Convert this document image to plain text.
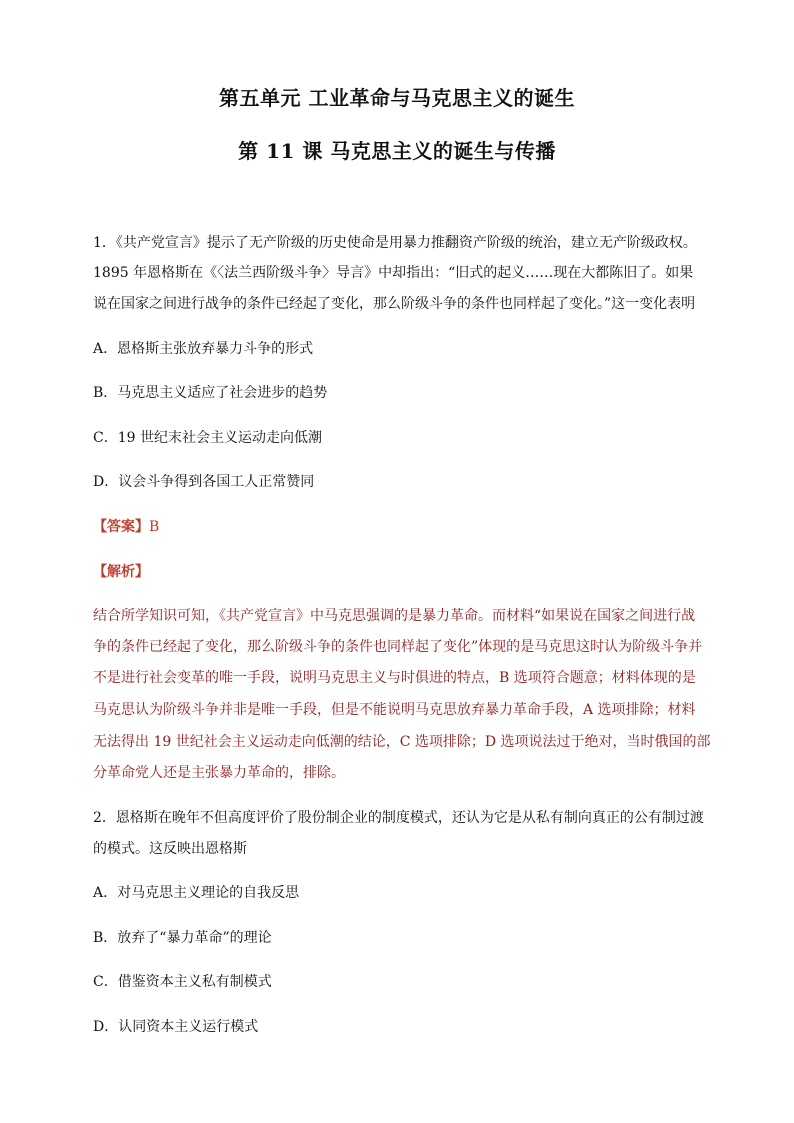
第五单元 工业革命与马克思主义的诞生
第 11 课 马克思主义的诞生与传播
1．《共产党宣言》提示了无产阶级的历史使命是用暴力推翻资产阶级的统治，建立无产阶级政权。
1895 年恩格斯在《〈法兰西阶级斗争〉导言》中却指出：“旧式的起义……现在大都陈旧了。如果
说在国家之间进行战争的条件已经起了变化，那么阶级斗争的条件也同样起了变化。”这一变化表明
A．恩格斯主张放弃暴力斗争的形式
B．马克思主义适应了社会进步的趋势
C．19 世纪末社会主义运动走向低潮
D．议会斗争得到各国工人正常赞同
【答案】B
【解析】
结合所学知识可知，《共产党宣言》中马克思强调的是暴力革命。而材料“如果说在国家之间进行战
争的条件已经起了变化，那么阶级斗争的条件也同样起了变化”体现的是马克思这时认为阶级斗争并
不是进行社会变革的唯一手段，说明马克思主义与时俱进的特点，B 选项符合题意；材料体现的是
马克思认为阶级斗争并非是唯一手段，但是不能说明马克思放弃暴力革命手段，A 选项排除；材料
无法得出 19 世纪社会主义运动走向低潮的结论，C 选项排除；D 选项说法过于绝对，当时俄国的部
分革命党人还是主张暴力革命的，排除。
2．恩格斯在晚年不但高度评价了股份制企业的制度模式，还认为它是从私有制向真正的公有制过渡
的模式。这反映出恩格斯
A．对马克思主义理论的自我反思
B．放弃了“暴力革命”的理论
C．借鉴资本主义私有制模式
D．认同资本主义运行模式
